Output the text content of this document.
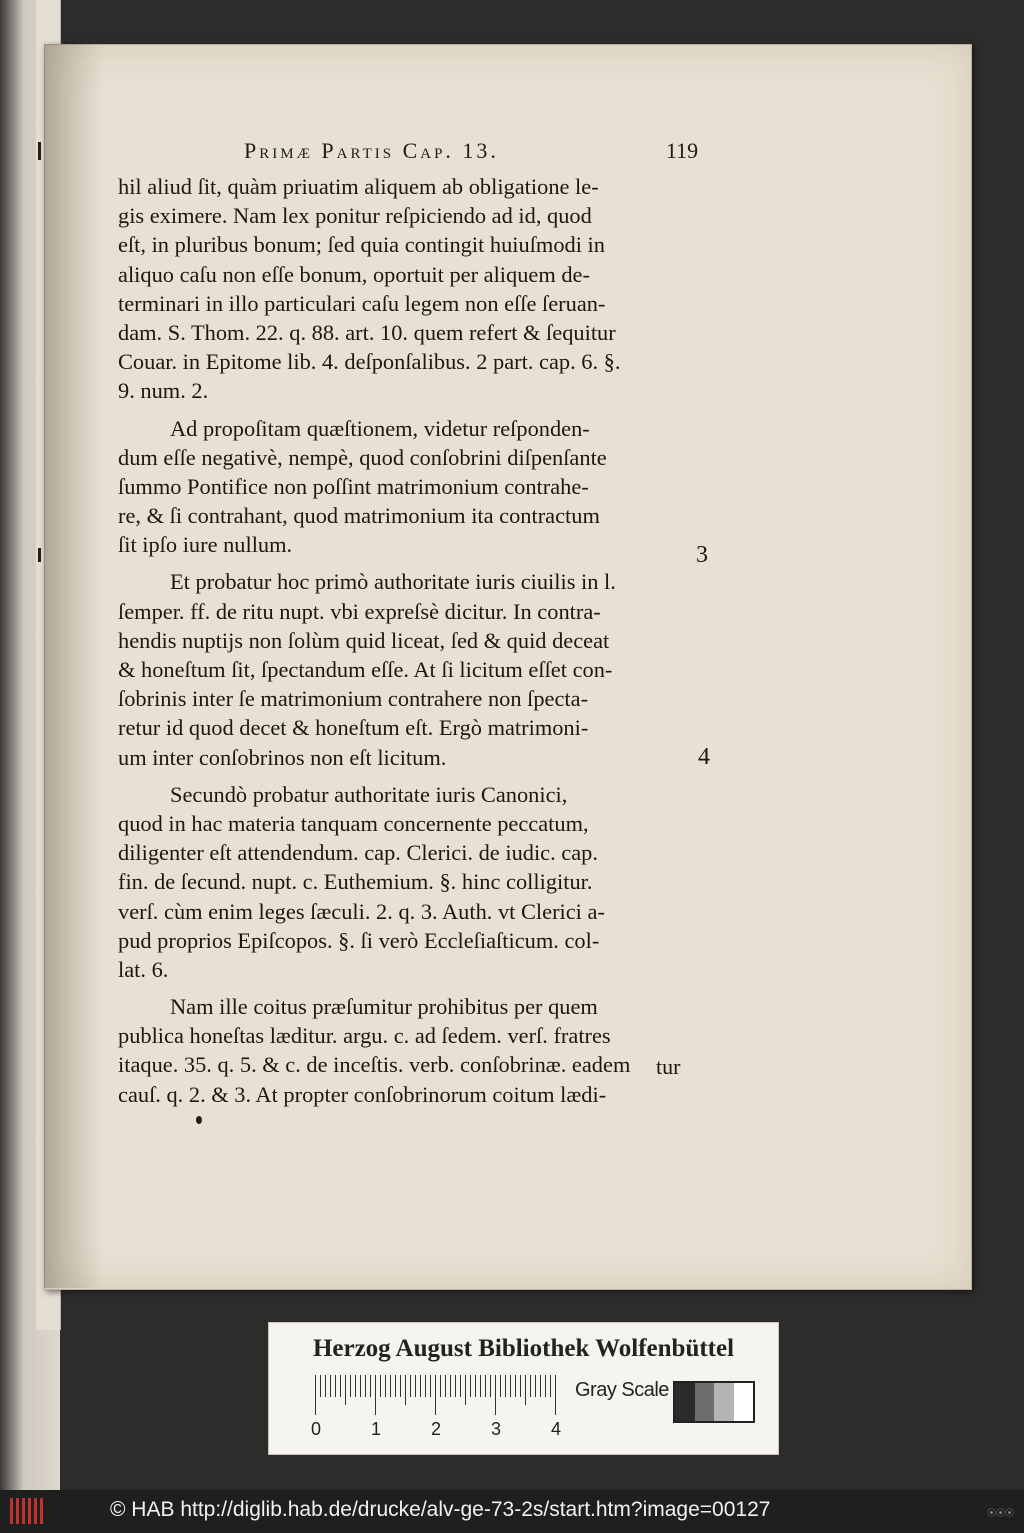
Primæ Partis Cap. 13.	119
hil aliud ſit, quàm priuatim aliquem ab obligatione le-
gis eximere. Nam lex ponitur reſpiciendo ad id, quod
eſt, in pluribus bonum; ſed quia contingit huiuſmodi in
aliquo caſu non eſſe bonum, oportuit per aliquem de-
terminari in illo particulari caſu legem non eſſe ſeruan-
dam. S. Thom. 22. q. 88. art. 10. quem refert & ſequitur
Couar. in Epitome lib. 4. deſponſalibus. 2 part. cap. 6. §.
9. num. 2.
Ad propoſitam quæſtionem, videtur reſponden-
dum eſſe negativè, nempè, quod conſobrini diſpenſante
ſummo Pontifice non poſſint matrimonium contrahe-
re, & ſi contrahant, quod matrimonium ita contractum
ſit ipſo iure nullum.
Et probatur hoc primò authoritate iuris ciuilis in l.
ſemper. ff. de ritu nupt. vbi expreſsè dicitur. In contra-
hendis nuptijs non ſolùm quid liceat, ſed & quid deceat
& honeſtum ſit, ſpectandum eſſe. At ſi licitum eſſet con-
ſobrinis inter ſe matrimonium contrahere non ſpecta-
retur id quod decet & honeſtum eſt. Ergò matrimoni-
um inter conſobrinos non eſt licitum.
Secundò probatur authoritate iuris Canonici,
quod in hac materia tanquam concernente peccatum,
diligenter eſt attendendum. cap. Clerici. de iudic. cap.
fin. de ſecund. nupt. c. Euthemium. §. hinc colligitur.
verſ. cùm enim leges ſæculi. 2. q. 3. Auth. vt Clerici a-
pud proprios Epiſcopos. §. ſi verò Eccleſiaſticum. col-
lat. 6.
Nam ille coitus præſumitur prohibitus per quem
publica honeſtas læditur. argu. c. ad ſedem. verſ. fratres
itaque. 35. q. 5. & c. de inceſtis. verb. conſobrinæ. eadem
cauſ. q. 2. & 3. At propter conſobrinorum coitum lædi-
3
4
tur
Herzog August Bibliothek Wolfenbüttel
0	1	2	3	4
Gray Scale
© HAB http://diglib.hab.de/drucke/alv-ge-73-2s/start.htm?image=00127	⦿⦿⦿
